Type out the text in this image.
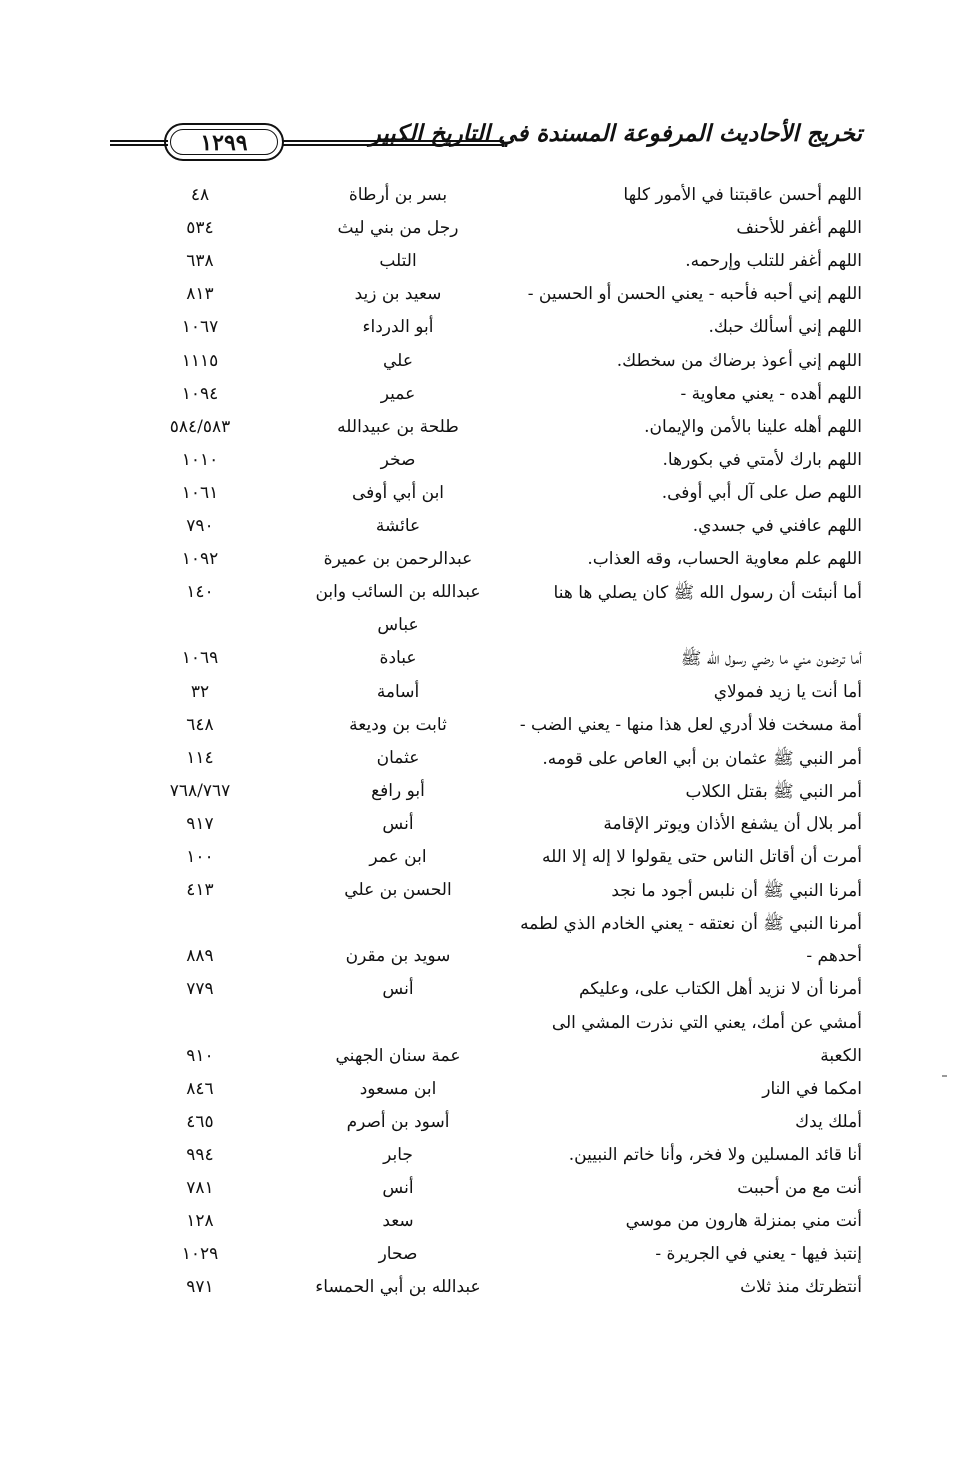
١٢٩٩	تخريج الأحاديث المرفوعة المسندة في التاريخ الكبير
اللهم أحسن عاقبتنا في الأمور كلها
بسر بن أرطاة
٤٨
اللهم أغفر للأحنف
رجل من بني ليث
٥٣٤
اللهم أغفر للتلب وإرحمه.
التلب
٦٣٨
اللهم إني أحبه فأحبه - يعني الحسن أو الحسين -
سعيد بن زيد
٨١٣
اللهم إني أسألك حبك.
أبو الدرداء
١٠٦٧
اللهم إني أعوذ برضاك من سخطك.
علي
١١١٥
اللهم أهده - يعني معاوية -
عمير
١٠٩٤
اللهم أهله علينا بالأمن والإيمان.
طلحة بن عبيدالله
٥٨٤/٥٨٣
اللهم بارك لأمتي في بكورها.
صخر
١٠١٠
اللهم صل على آل أبي أوفى.
ابن أبي أوفى
١٠٦١
اللهم عافني في جسدي.
عائشة
٧٩٠
اللهم علم معاوية الحساب، وقه العذاب.
عبدالرحمن بن عميرة
١٠٩٢
أما أنبئت أن رسول الله ﷺ كان يصلي ها هنا
عبدالله بن السائب وابن
١٤٠
عباس
أما ترضون مني ما رضي رسول الله ﷺ
عبادة
١٠٦٩
أما أنت يا زيد فمولاي
أسامة
٣٢
أمة مسخت فلا أدري لعل هذا منها - يعني الضب -
ثابت بن وديعة
٦٤٨
أمر النبي ﷺ عثمان بن أبي العاص على قومه.
عثمان
١١٤
أمر النبي ﷺ بقتل الكلاب
أبو رافع
٧٦٨/٧٦٧
أمر بلال أن يشفع الأذان ويوتر الإقامة
أنس
٩١٧
أمرت أن أقاتل الناس حتى يقولوا لا إله إلا الله
ابن عمر
١٠٠
أمرنا النبي ﷺ أن نلبس أجود ما نجد
الحسن بن علي
٤١٣
أمرنا النبي ﷺ أن نعتقه - يعني الخادم الذي لطمه
أحدهم -
سويد بن مقرن
٨٨٩
أمرنا أن لا نزيد أهل الكتاب على، وعليكم
أنس
٧٧٩
أمشي عن أمك، يعني التي نذرت المشي الى
الكعبة
عمة سنان الجهني
٩١٠
امكما في النار
ابن مسعود
٨٤٦
أملك يدك
أسود بن أصرم
٤٦٥
أنا قائد المسلين ولا فخر، وأنا خاتم النبيين.
جابر
٩٩٤
أنت مع من أحببت
أنس
٧٨١
أنت مني بمنزلة هارون من موسي
سعد
١٢٨
إنتبذ فيها - يعني في الجريرة -
صحار
١٠٢٩
أنتظرتك منذ ثلاث
عبدالله بن أبي الحمساء
٩٧١
